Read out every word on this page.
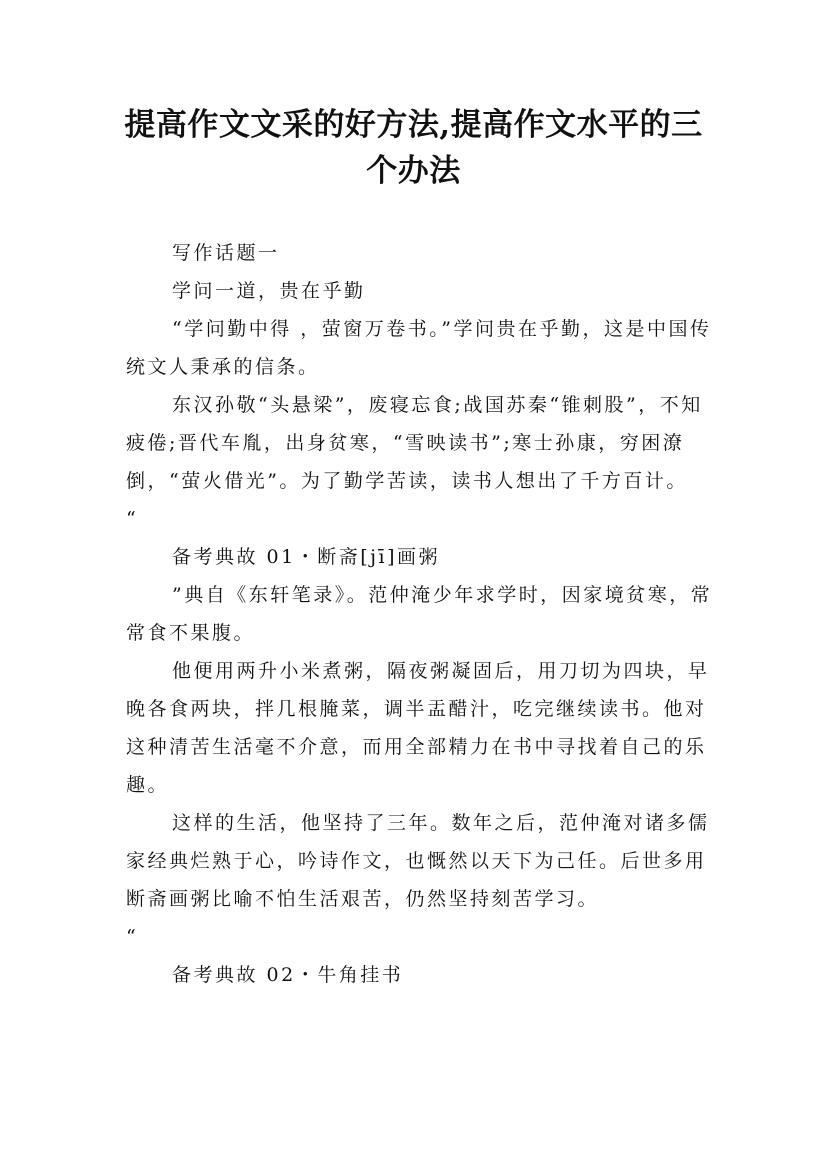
提高作文文采的好方法,提高作文水平的三个办法

写作话题一

学问一道，贵在乎勤

“学问勤中得 ，萤窗万卷书。”学问贵在乎勤，这是中国传统文人秉承的信条。

东汉孙敬“头悬梁”，废寝忘食;战国苏秦“锥刺股”，不知疲倦;晋代车胤，出身贫寒，“雪映读书”;寒士孙康，穷困潦倒，“萤火借光”。为了勤学苦读，读书人想出了千方百计。

“

备考典故 01・断斋[jī]画粥

”典自《东轩笔录》。范仲淹少年求学时，因家境贫寒，常常食不果腹。

他便用两升小米煮粥，隔夜粥凝固后，用刀切为四块，早晚各食两块，拌几根腌菜，调半盂醋汁，吃完继续读书。他对这种清苦生活毫不介意，而用全部精力在书中寻找着自己的乐趣。

这样的生活，他坚持了三年。数年之后，范仲淹对诸多儒家经典烂熟于心，吟诗作文，也慨然以天下为己任。后世多用断斋画粥比喻不怕生活艰苦，仍然坚持刻苦学习。

“

备考典故 02・牛角挂书
